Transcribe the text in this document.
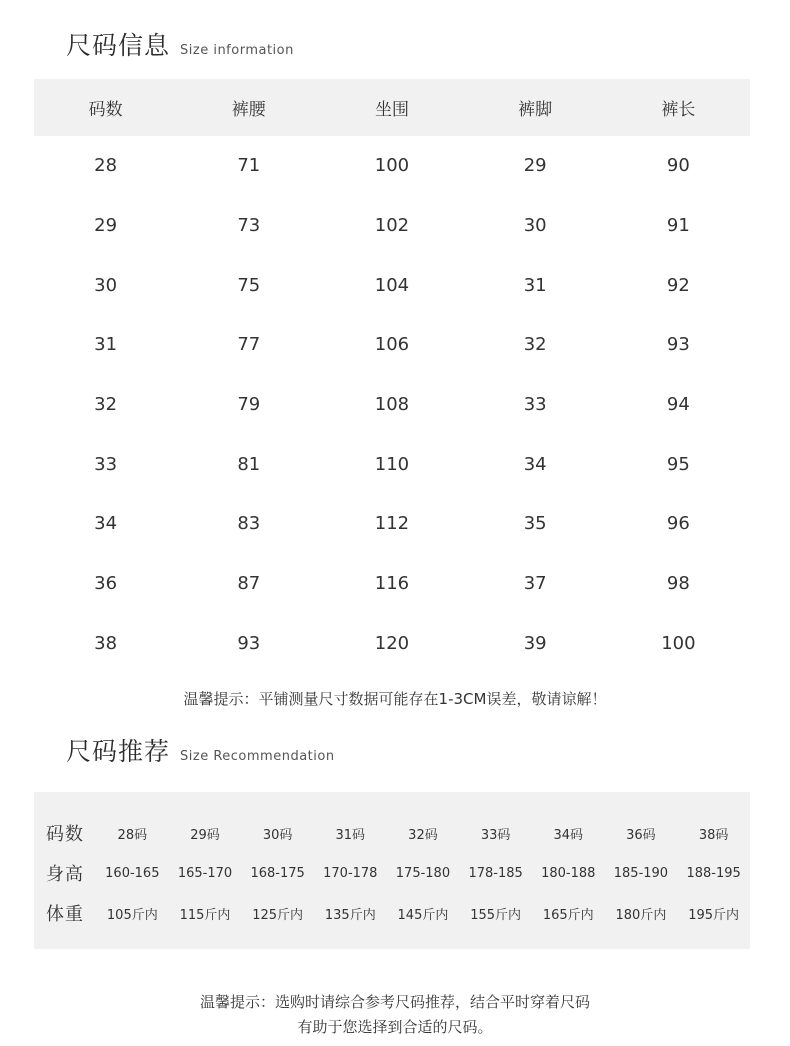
尺码信息 Size information
码数	裤腰	坐围	裤脚	裤长
28	71	100	29	90
29	73	102	30	91
30	75	104	31	92
31	77	106	32	93
32	79	108	33	94
33	81	110	34	95
34	83	112	35	96
36	87	116	37	98
38	93	120	39	100
温馨提示：平铺测量尺寸数据可能存在1-3CM误差，敬请谅解！
尺码推荐 Size Recommendation
码数	28码	29码	30码	31码	32码	33码	34码	36码	38码
身高	160-165	165-170	168-175	170-178	175-180	178-185	180-188	185-190	188-195
体重	105斤内	115斤内	125斤内	135斤内	145斤内	155斤内	165斤内	180斤内	195斤内
温馨提示：选购时请综合参考尺码推荐，结合平时穿着尺码
有助于您选择到合适的尺码。
